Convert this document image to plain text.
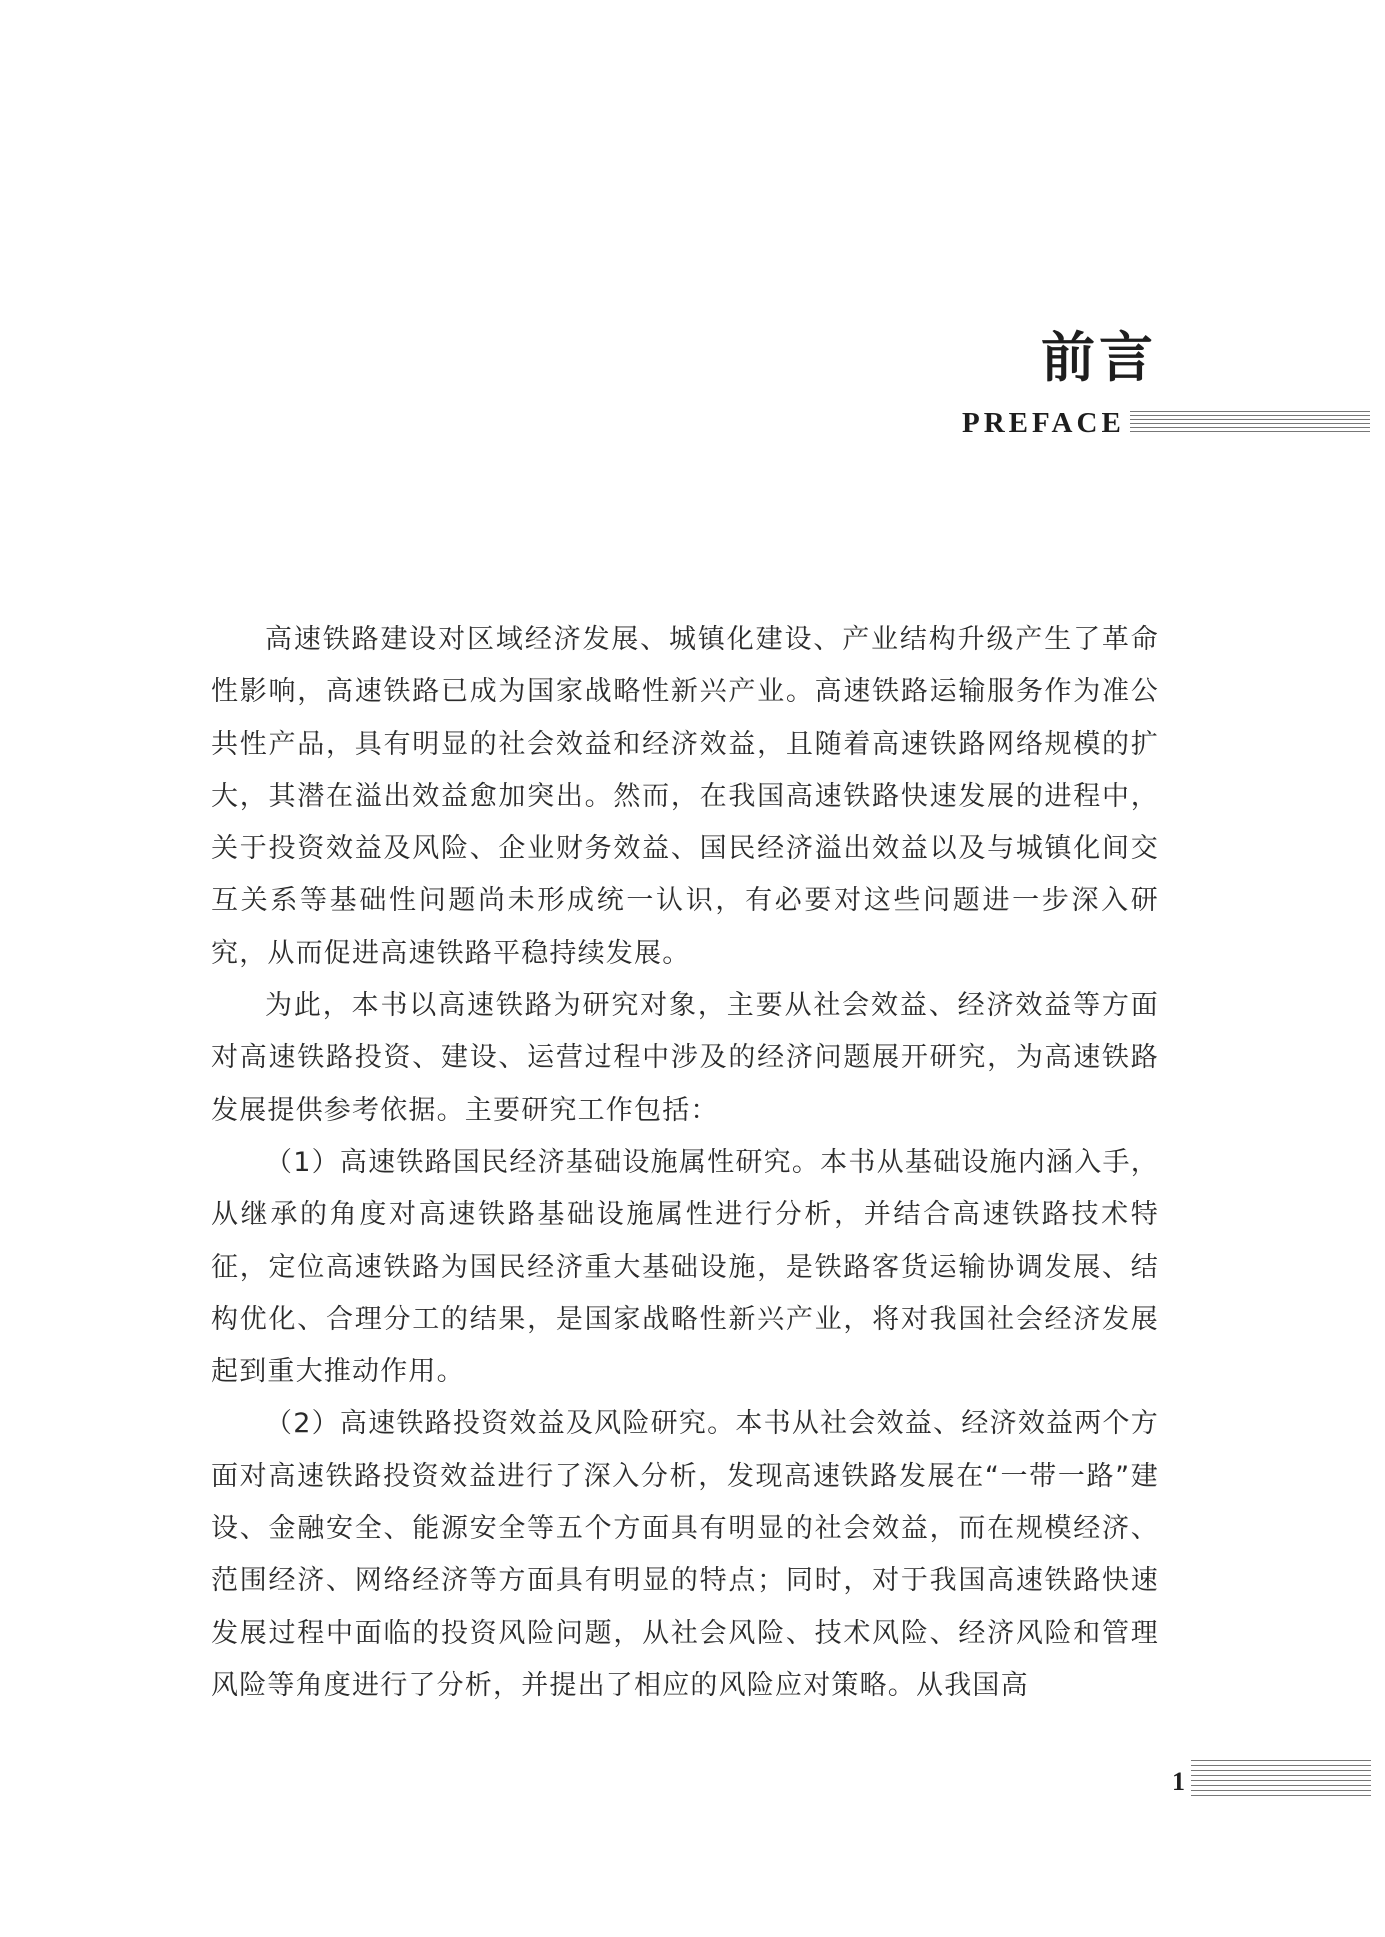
前言
PREFACE

高速铁路建设对区域经济发展、城镇化建设、产业结构升级产生了革命性影响，高速铁路已成为国家战略性新兴产业。高速铁路运输服务作为准公共性产品，具有明显的社会效益和经济效益，且随着高速铁路网络规模的扩大，其潜在溢出效益愈加突出。然而，在我国高速铁路快速发展的进程中，关于投资效益及风险、企业财务效益、国民经济溢出效益以及与城镇化间交互关系等基础性问题尚未形成统一认识，有必要对这些问题进一步深入研究，从而促进高速铁路平稳持续发展。

为此，本书以高速铁路为研究对象，主要从社会效益、经济效益等方面对高速铁路投资、建设、运营过程中涉及的经济问题展开研究，为高速铁路发展提供参考依据。主要研究工作包括：

（1）高速铁路国民经济基础设施属性研究。本书从基础设施内涵入手，从继承的角度对高速铁路基础设施属性进行分析，并结合高速铁路技术特征，定位高速铁路为国民经济重大基础设施，是铁路客货运输协调发展、结构优化、合理分工的结果，是国家战略性新兴产业，将对我国社会经济发展起到重大推动作用。

（2）高速铁路投资效益及风险研究。本书从社会效益、经济效益两个方面对高速铁路投资效益进行了深入分析，发现高速铁路发展在“一带一路”建设、金融安全、能源安全等五个方面具有明显的社会效益，而在规模经济、范围经济、网络经济等方面具有明显的特点；同时，对于我国高速铁路快速发展过程中面临的投资风险问题，从社会风险、技术风险、经济风险和管理风险等角度进行了分析，并提出了相应的风险应对策略。从我国高

1
